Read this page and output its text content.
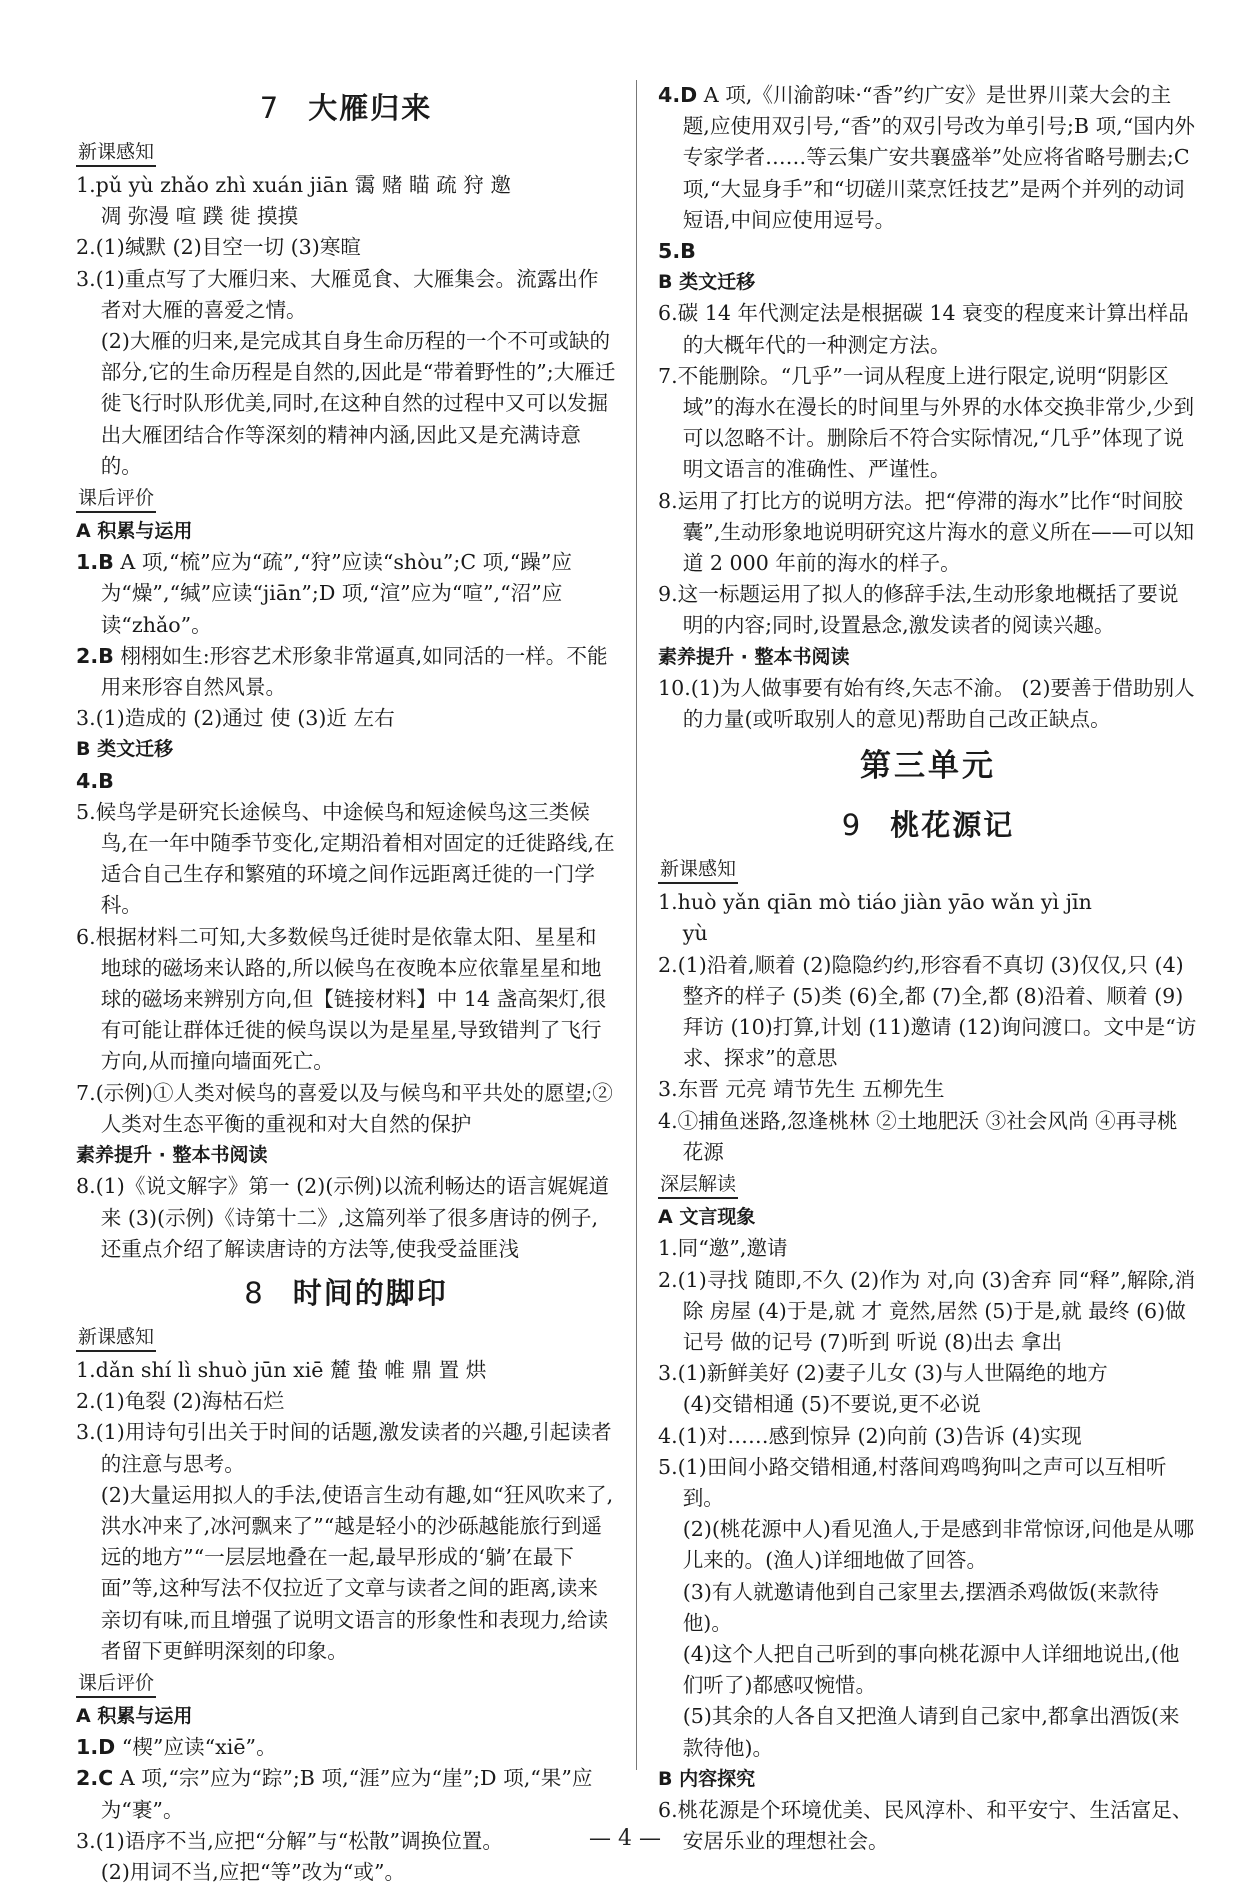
7 大雁归来
新课感知
1.pǔ yù zhǎo zhì xuán jiān 霭 赌 瞄 疏 狩 邀
凋 弥漫 喧 蹼 徙 摸摸
2.(1)缄默 (2)目空一切 (3)寒暄
3.(1)重点写了大雁归来、大雁觅食、大雁集会。流露出作者对大雁的喜爱之情。
(2)大雁的归来,是完成其自身生命历程的一个不可或缺的部分,它的生命历程是自然的,因此是“带着野性的”;大雁迁徙飞行时队形优美,同时,在这种自然的过程中又可以发掘出大雁团结合作等深刻的精神内涵,因此又是充满诗意的。
课后评价
A 积累与运用
1.B A 项,“梳”应为“疏”,“狩”应读“shòu”;C 项,“躁”应为“燥”,“缄”应读“jiān”;D 项,“渲”应为“喧”,“沼”应读“zhǎo”。
2.B 栩栩如生:形容艺术形象非常逼真,如同活的一样。不能用来形容自然风景。
3.(1)造成的 (2)通过 使 (3)近 左右
B 类文迁移
4.B
5.候鸟学是研究长途候鸟、中途候鸟和短途候鸟这三类候鸟,在一年中随季节变化,定期沿着相对固定的迁徙路线,在适合自己生存和繁殖的环境之间作远距离迁徙的一门学科。
6.根据材料二可知,大多数候鸟迁徙时是依靠太阳、星星和地球的磁场来认路的,所以候鸟在夜晚本应依靠星星和地球的磁场来辨别方向,但【链接材料】中 14 盏高架灯,很有可能让群体迁徙的候鸟误以为是星星,导致错判了飞行方向,从而撞向墙面死亡。
7.(示例)①人类对候鸟的喜爱以及与候鸟和平共处的愿望;②人类对生态平衡的重视和对大自然的保护
素养提升 · 整本书阅读
8.(1)《说文解字》第一 (2)(示例)以流利畅达的语言娓娓道来 (3)(示例)《诗第十二》,这篇列举了很多唐诗的例子,还重点介绍了解读唐诗的方法等,使我受益匪浅
8 时间的脚印
新课感知
1.dǎn shí lì shuò jūn xiē 麓 蛰 帷 鼎 置 烘
2.(1)龟裂 (2)海枯石烂
3.(1)用诗句引出关于时间的话题,激发读者的兴趣,引起读者的注意与思考。
(2)大量运用拟人的手法,使语言生动有趣,如“狂风吹来了,洪水冲来了,冰河飘来了”“越是轻小的沙砾越能旅行到遥远的地方”“一层层地叠在一起,最早形成的‘躺’在最下面”等,这种写法不仅拉近了文章与读者之间的距离,读来亲切有味,而且增强了说明文语言的形象性和表现力,给读者留下更鲜明深刻的印象。
课后评价
A 积累与运用
1.D “楔”应读“xiē”。
2.C A 项,“宗”应为“踪”;B 项,“涯”应为“崖”;D 项,“果”应为“裹”。
3.(1)语序不当,应把“分解”与“松散”调换位置。
(2)用词不当,应把“等”改为“或”。
4.D A 项,《川渝韵味·“香”约广安》是世界川菜大会的主题,应使用双引号,“香”的双引号改为单引号;B 项,“国内外专家学者……等云集广安共襄盛举”处应将省略号删去;C 项,“大显身手”和“切磋川菜烹饪技艺”是两个并列的动词短语,中间应使用逗号。
5.B
B 类文迁移
6.碳 14 年代测定法是根据碳 14 衰变的程度来计算出样品的大概年代的一种测定方法。
7.不能删除。“几乎”一词从程度上进行限定,说明“阴影区域”的海水在漫长的时间里与外界的水体交换非常少,少到可以忽略不计。删除后不符合实际情况,“几乎”体现了说明文语言的准确性、严谨性。
8.运用了打比方的说明方法。把“停滞的海水”比作“时间胶囊”,生动形象地说明研究这片海水的意义所在——可以知道 2 000 年前的海水的样子。
9.这一标题运用了拟人的修辞手法,生动形象地概括了要说明的内容;同时,设置悬念,激发读者的阅读兴趣。
素养提升 · 整本书阅读
10.(1)为人做事要有始有终,矢志不渝。 (2)要善于借助别人的力量(或听取别人的意见)帮助自己改正缺点。
第三单元
9 桃花源记
新课感知
1.huò yǎn qiān mò tiáo jiàn yāo wǎn yì jīn
yù
2.(1)沿着,顺着 (2)隐隐约约,形容看不真切 (3)仅仅,只 (4)整齐的样子 (5)类 (6)全,都 (7)全,都 (8)沿着、顺着 (9)拜访 (10)打算,计划 (11)邀请 (12)询问渡口。文中是“访求、探求”的意思
3.东晋 元亮 靖节先生 五柳先生
4.①捕鱼迷路,忽逢桃林 ②土地肥沃 ③社会风尚 ④再寻桃花源
深层解读
A 文言现象
1.同“邀”,邀请
2.(1)寻找 随即,不久 (2)作为 对,向 (3)舍弃 同“释”,解除,消除 房屋 (4)于是,就 才 竟然,居然 (5)于是,就 最终 (6)做记号 做的记号 (7)听到 听说 (8)出去 拿出
3.(1)新鲜美好 (2)妻子儿女 (3)与人世隔绝的地方
(4)交错相通 (5)不要说,更不必说
4.(1)对……感到惊异 (2)向前 (3)告诉 (4)实现
5.(1)田间小路交错相通,村落间鸡鸣狗叫之声可以互相听到。
(2)(桃花源中人)看见渔人,于是感到非常惊讶,问他是从哪儿来的。(渔人)详细地做了回答。
(3)有人就邀请他到自己家里去,摆酒杀鸡做饭(来款待他)。
(4)这个人把自己听到的事向桃花源中人详细地说出,(他们听了)都感叹惋惜。
(5)其余的人各自又把渔人请到自己家中,都拿出酒饭(来款待他)。
B 内容探究
6.桃花源是个环境优美、民风淳朴、和平安宁、生活富足、安居乐业的理想社会。
— 4 —
